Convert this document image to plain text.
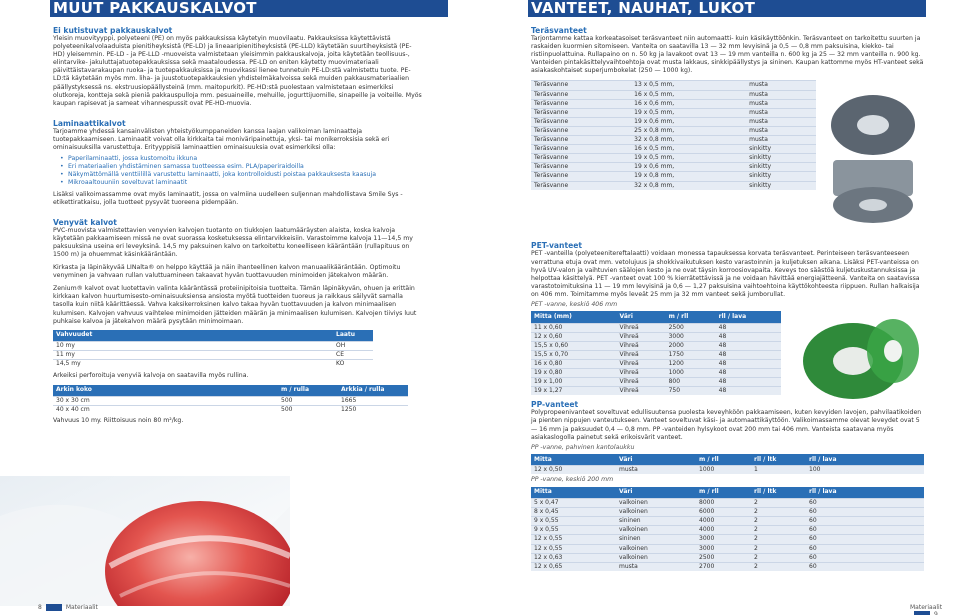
MUUT PAKKAUSKALVOT
Ei kutistuvat pakkauskalvot

Yleisin muovityyppi, polyeteeni (PE) on myös pakkauksissa käytetyin muovilaatu. Pakkauksissa käytettävistä polyeteenikalvolaaduista pienitiheyksistä (PE-LD) ja lineaaripienitiheyksistä (PE-LLD) käytetään suurtiheyksistä (PE-HD) yleisemmin. PE-LD - ja PE-LLD -muoveista valmistetaan yleisimmin pakkauskalvoja, joita käytetään teollisuus-, elintarvike- jakuluttajatuotepakkauksissa sekä maataloudessa. PE-LD on eniten käytetty muovimateriaali päivittäistavarakaupan ruoka- ja tuotepakkauksissa ja muovikassi lienee tunnetuin PE-LD:stä valmistettu tuote. PE-LD:tä käytetään myös mm. liha- ja juustotuotepakkauksien yhdistelmäkalvoissa sekä muiden pakkausmateriaalien päällystyksessä ns. ekstruusiopäällysteinä (mm. maitopurkit). PE-HD:stä puolestaan valmistetaan esimerkiksi olutkoreja, kontteja sekä pieniä pakkauspulloja mm. pesuaineille, mehuille, jogurttijuomille, sinapeille ja voiteille. Myös kaupan rapisevat ja sameat vihannespussit ovat PE-HD-muovia.

Laminaattikalvot

Tarjoamme yhdessä kansainvälisten yhteistyökumppaneiden kanssa laajan valikoiman laminaatteja tuotepakkaamiseen. Laminaatit voivat olla kirkkaita tai moniväripainettuja, yksi- tai monikerroksisia sekä eri ominaisuuksilla varustettuja. Erityyppisiä laminaattien ominaisuuksia ovat esimerkiksi olla:

• Paperilaminaatti, jossa kustomoitu ikkuna
• Eri materiaalien yhdistäminen samassa tuotteessa esim. PLA/paperiraidoilla
• Näkymättömällä venttiilillä varustettu laminaatti, joka kontrolloidusti poistaa pakkauksesta kaasuja
• Mikroaaltouuniin soveltuvat laminaatit

Lisäksi valikoimassamme ovat myös laminaatit, jossa on valmiina uudelleen suljennan mahdollistava Smile Sys -etikettiratkaisu, jolla tuotteet pysyvät tuoreena pidempään.

Venyvät kalvot

PVC-muovista valmistettavien venyvien kalvojen tuotanto on tiukkojen laatumääräysten alaista, koska kalvoja käytetään pakkaamiseen missä ne ovat suorassa kosketuksessa elintarvikkeisiin. Varastoimme kalvoja 11—14,5 my paksuuksina useina eri leveyksinä. 14,5 my paksuinen kalvo on tarkoitettu koneelliseen kääräntään (rullapituus on 1500 m) ja ohuemmat käsinkääräntään.

Kirkasta ja läpinäkyvää LINalta® on helppo käyttää ja näin ihanteellinen kalvon manuaalikääräntään. Optimoitu venyminen ja vahvaan rullan valuttuamineen takaavat hyvän tuottavuuden minimoiden jätekalvon määrän.

Zenium® kalvot ovat luotettavin valinta kääräntässä proteiinipitoisia tuotteita. Tämän läpinäkyvän, ohuen ja erittäin kirkkaan kalvon huurtumisesto-ominaisuuksiensa ansiosta myötä tuotteiden tuoreus ja raikkaus säilyvät samalla tasolla kuin niitä käärittäessä. Vahva kaksikerroksinen kalvo takaa hyvän tuottavuuden ja kalvon minimaalisen kulumisen. Kalvojen vahvuus vaihtelee minimoiden jätteiden määrän ja minimaalisen kulumisen. Kalvojen tiiviys luut puhkaise kalvoa ja jätekalvon määrä pysytään minimoimaan.

Vahvuudet	Laatu
10 my	OH
11 my	CE
14,5 my	KO

Arkeiksi perforoituja venyviä kalvoja on saatavilla myös rullina.

Arkin koko	m / rulla	Arkkia / rulla
30 x 30 cm	500	1665
40 x 40 cm	500	1250

Vahvuus 10 my. Riittoisuus noin 80 m²/kg.

8	Materiaalit
VANTEET, NAUHAT, LUKOT
Teräsvanteet

Tarjontamme kattaa korkeatasoiset teräsvanteet niin automaatti- kuin käsikäyttöönkin. Teräsvanteet on tarkoitettu suurten ja raskaiden kuormien sitomiseen. Vanteita on saatavilla 13 — 32 mm levyisinä ja 0,5 — 0,8 mm paksuisina, kiekko- tai ristiinpuolattuina. Rullapaino on n. 50 kg ja lavakoot ovat 13 — 19 mm vanteilla n. 600 kg ja 25 — 32 mm vanteilla n. 900 kg. Vanteiden pintakäsittelyvaihtoehtoja ovat musta lakkaus, sinkkipäällystys ja sininen. Kaupan kattomme myös HT-vanteet sekä asiakaskohtaiset superjumbokelat (250 — 1000 kg).

Teräsvanne	13 x 0,5 mm,	musta
Teräsvanne	16 x 0,5 mm,	musta
Teräsvanne	16 x 0,6 mm,	musta
Teräsvanne	19 x 0,5 mm,	musta
Teräsvanne	19 x 0,6 mm,	musta
Teräsvanne	25 x 0,8 mm,	musta
Teräsvanne	32 x 0,8 mm,	musta
Teräsvanne	16 x 0,5 mm,	sinkitty
Teräsvanne	19 x 0,5 mm,	sinkitty
Teräsvanne	19 x 0,6 mm,	sinkitty
Teräsvanne	19 x 0,8 mm,	sinkitty
Teräsvanne	32 x 0,8 mm,	sinkitty
PET-vanteet

PET -vanteilla (polyeteenitereftalaatti) voidaan monessa tapauksessa korvata teräsvanteet. Perinteiseen teräsvanteeseen verrattuna etuja ovat mm. vetolujuus ja shokkivaikutuksen kesto varastoinnin ja kuljetuksen aikana. Lisäksi PET-vanteissa on hyvä UV-valon ja vaihtuvien säälojen kesto ja ne ovat täysin korroosiovapaita. Keveys too säästöä kuljetuskustannuksissa ja helpottaa käsittelyä. PET -vanteet ovat 100 % kierrätettävissä ja ne voidaan hävittää energiajätteenä. Vanteita on saatavissa varastotoimituksina 11 — 19 mm levyisinä ja 0,6 — 1,27 paksuisina vaihtoehtoina käyttökohteesta riippuen. Rullan halkaisija on 406 mm. Toimitamme myös leveät 25 mm ja 32 mm vanteet sekä jumborullat.

PET -vanne, keskiö 406 mm

Mitta (mm)	Väri	m / rll	rll / lava
11 x 0,60	Vihreä	2500	48
12 x 0,60	Vihreä	3000	48
15,5 x 0,60	Vihreä	2000	48
15,5 x 0,70	Vihreä	1750	48
16 x 0,80	Vihreä	1200	48
19 x 0,80	Vihreä	1000	48
19 x 1,00	Vihreä	800	48
19 x 1,27	Vihreä	750	48
PP-vanteet

Polypropeenivanteet soveltuvat edullisuutensa puolesta keveyhköön pakkaamiseen, kuten kevyiden lavojen, pahvilaatikoiden ja pienten nippujen vanteutukseen. Vanteet soveltuvat käsi- ja automaattikäyttöön. Valikoimassamme olevat leveydet ovat 5 — 16 mm ja paksuudet 0,4 — 0,8 mm. PP -vanteiden hylsykoot ovat 200 mm tai 406 mm. Vanteista saatavana myös asiakaslogolla painetut sekä erikoisvärit vanteet.

PP -vanne, pahvinen kantolaukku

Mitta	Väri	m / rll	rll / ltk	rll / lava
12 x 0,50	musta	1000	1	100

PP -vanne, keskiö 200 mm

Mitta	Väri	m / rll	rll / ltk	rll / lava
5 x 0,47	valkoinen	8000	2	60
8 x 0,45	valkoinen	6000	2	60
9 x 0,55	sininen	4000	2	60
9 x 0,55	valkoinen	4000	2	60
12 x 0,55	sininen	3000	2	60
12 x 0,55	valkoinen	3000	2	60
12 x 0,63	valkoinen	2500	2	60
12 x 0,65	musta	2700	2	60
Materiaalit9
